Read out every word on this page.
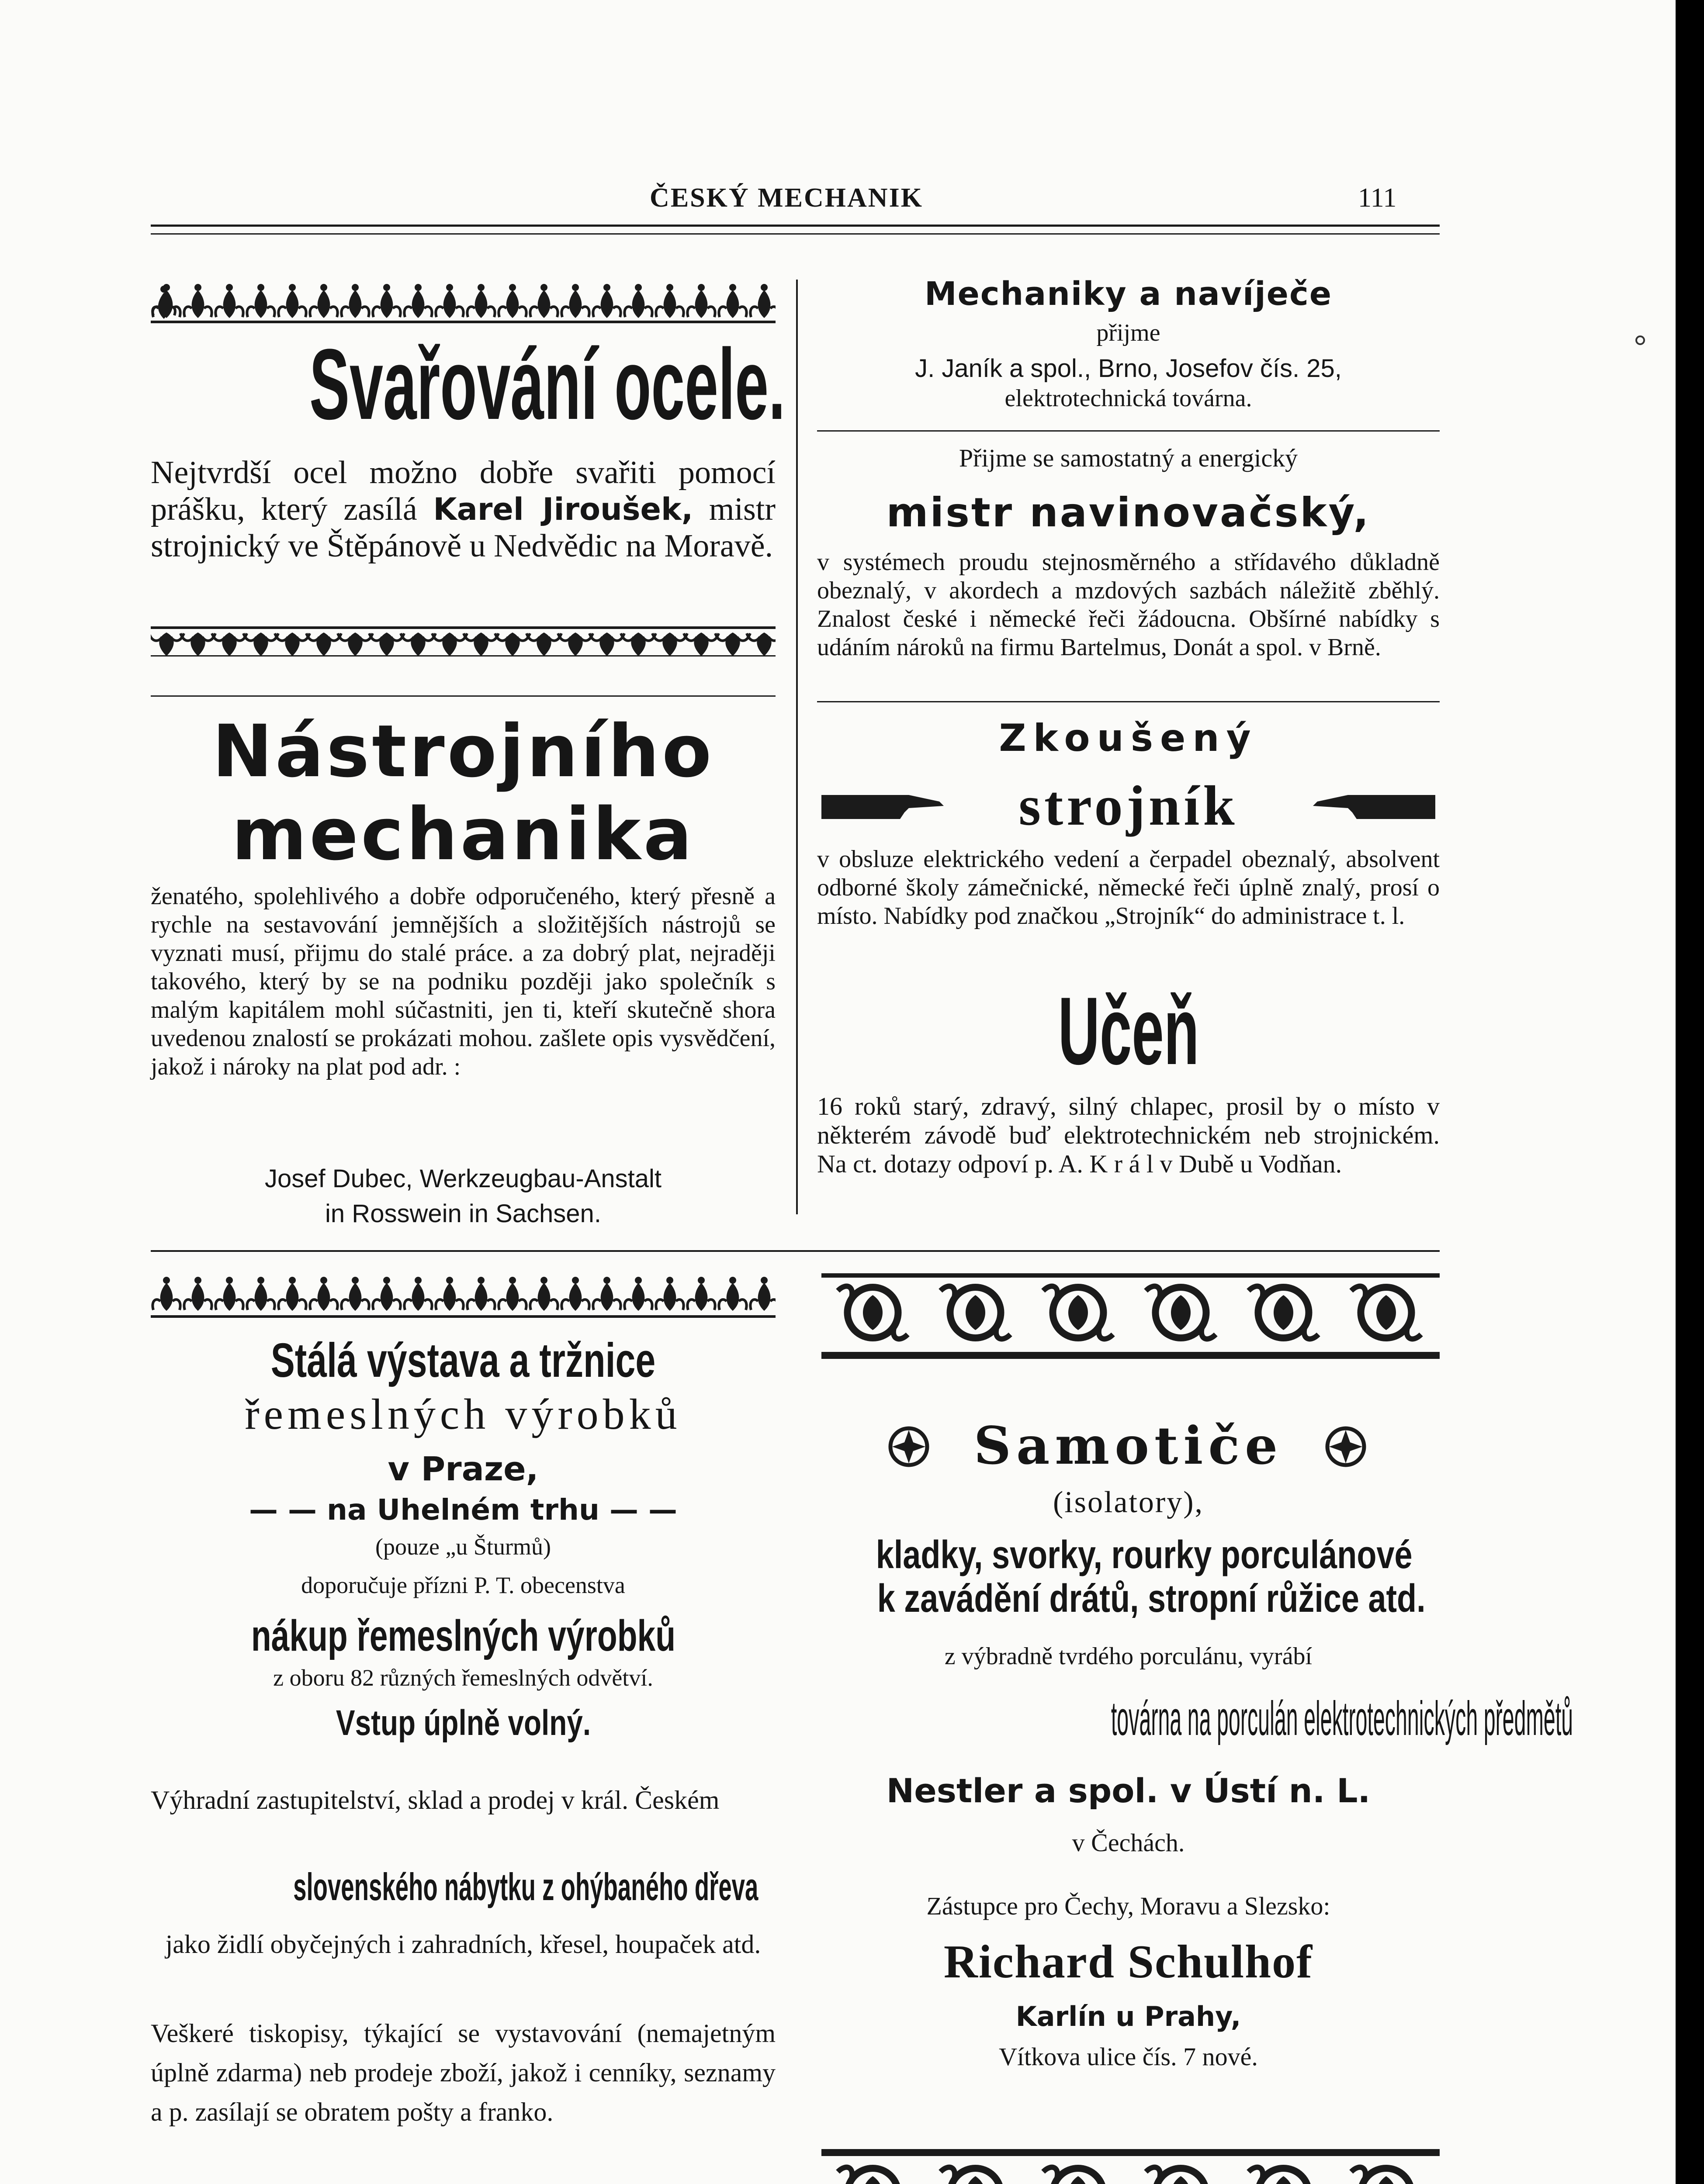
ČESKÝ MECHANIK	111
Svařování ocele.
Nejtvrdší ocel možno dobře svařiti pomocí prášku, který zasílá Karel Jiroušek, mistr strojnický ve Štěpánově u Nedvědic na Moravě.
Nástrojního
mechanika
ženatého, spolehlivého a dobře odporučeného, který přesně a rychle na sestavování jemnějších a složitějších nástrojů se vyznati musí, přijmu do stalé práce. a za dobrý plat, nejraději takového, který by se na podniku později jako společník s malým kapitálem mohl súčastniti, jen ti, kteří skutečně shora uvedenou znalostí se prokázati mohou. zašlete opis vysvědčení, jakož i nároky na plat pod adr. :
Josef Dubec, Werkzeugbau-Anstalt
in Rosswein in Sachsen.
Mechaniky a navíječe
přijme
J. Janík a spol., Brno, Josefov čís. 25,
elektrotechnická továrna.
Přijme se samostatný a energický
mistr navinovačský,
v systémech proudu stejnosměrného a střídavého důkladně obeznalý, v akordech a mzdových sazbách náležitě zběhlý. Znalost české i německé řeči žádoucna. Obšírné nabídky s udáním nároků na firmu Bartelmus, Donát a spol. v Brně.
Zkoušený
strojník
v obsluze elektrického vedení a čerpadel obeznalý, absolvent odborné školy zámečnické, německé řeči úplně znalý, prosí o místo. Nabídky pod značkou „Strojník“ do administrace t. l.
Učeň
16 roků starý, zdravý, silný chlapec, prosil by o místo v některém závodě buď elektrotechnickém neb strojnickém. Na ct. dotazy odpoví p. A. K r á l v Dubě u Vodňan.
Stálá výstava a tržnice
řemeslných výrobků
v Praze,
— — na Uhelném trhu — —
(pouze „u Šturmů)
doporučuje přízni P. T. obecenstva
nákup řemeslných výrobků
z oboru 82 různých řemeslných odvětví.
Vstup úplně volný.
Výhradní zastupitelství, sklad a prodej v král. Českém
slovenského nábytku z ohýbaného dřeva
jako židlí obyčejných i zahradních, křesel, houpaček atd.
Veškeré tiskopisy, týkající se vystavování (nemajetným úplně zdarma) neb prodeje zboží, jakož i cenníky, seznamy a p. zasílají se obratem pošty a franko.
Samotiče
(isolatory),
kladky, svorky, rourky porculánové
k zavádění drátů, stropní růžice atd.
z výbradně tvrdého porculánu, vyrábí
továrna na porculán elektrotechnických předmětů
Nestler a spol. v Ústí n. L.
v Čechách.
Zástupce pro Čechy, Moravu a Slezsko:
Richard Schulhof
Karlín u Prahy,
Vítkova ulice čís. 7 nové.
